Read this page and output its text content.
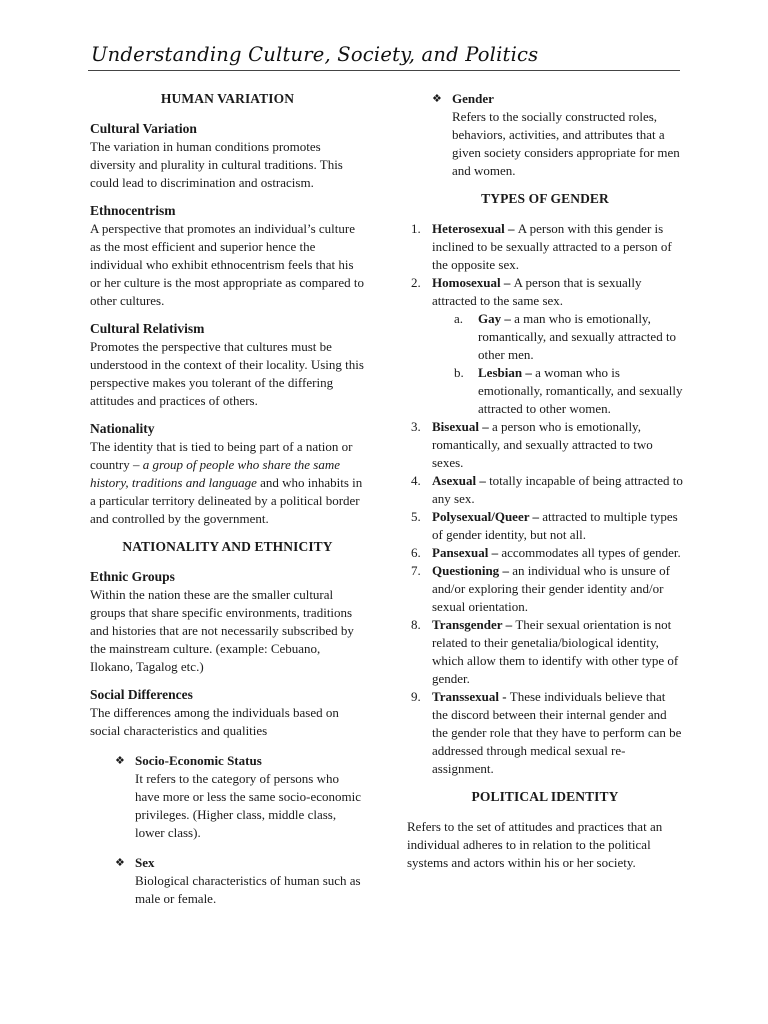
Understanding Culture, Society, and Politics
HUMAN VARIATION
Cultural Variation

The variation in human conditions promotes diversity and plurality in cultural traditions. This could lead to discrimination and ostracism.

Ethnocentrism

A perspective that promotes an individual’s culture as the most efficient and superior hence the individual who exhibit ethnocentrism feels that his or her culture is the most appropriate as compared to other cultures.

Cultural Relativism

Promotes the perspective that cultures must be understood in the context of their locality. Using this perspective makes you tolerant of the differing attitudes and practices of others.

Nationality

The identity that is tied to being part of a nation or country – a group of people who share the same history, traditions and language and who inhabits in a particular territory delineated by a political border and controlled by the government.

NATIONALITY AND ETHNICITY
Ethnic Groups

Within the nation these are the smaller cultural groups that share specific environments, traditions and histories that are not necessarily subscribed by the mainstream culture. (example: Cebuano, Ilokano, Tagalog etc.)

Social Differences

The differences among the individuals based on social characteristics and qualities

❖ Socio-Economic Status

It refers to the category of persons who have more or less the same socio-economic privileges. (Higher class, middle class, lower class).

❖ Sex

Biological characteristics of human such as male or female.

❖ Gender

Refers to the socially constructed roles, behaviors, activities, and attributes that a given society considers appropriate for men and women.

TYPES OF GENDER
1. Heterosexual – A person with this gender is inclined to be sexually attracted to a person of the opposite sex.
2. Homosexual – A person that is sexually attracted to the same sex.
a. Gay – a man who is emotionally, romantically, and sexually attracted to other men.
b. Lesbian – a woman who is emotionally, romantically, and sexually attracted to other women.
3. Bisexual – a person who is emotionally, romantically, and sexually attracted to two sexes.
4. Asexual – totally incapable of being attracted to any sex.
5. Polysexual/Queer – attracted to multiple types of gender identity, but not all.
6. Pansexual – accommodates all types of gender.
7. Questioning – an individual who is unsure of and/or exploring their gender identity and/or sexual orientation.
8. Transgender – Their sexual orientation is not related to their genetalia/biological identity, which allow them to identify with other type of gender.
9. Transsexual - These individuals believe that the discord between their internal gender and the gender role that they have to perform can be addressed through medical sexual re-assignment.
POLITICAL IDENTITY

Refers to the set of attitudes and practices that an individual adheres to in relation to the political systems and actors within his or her society.
